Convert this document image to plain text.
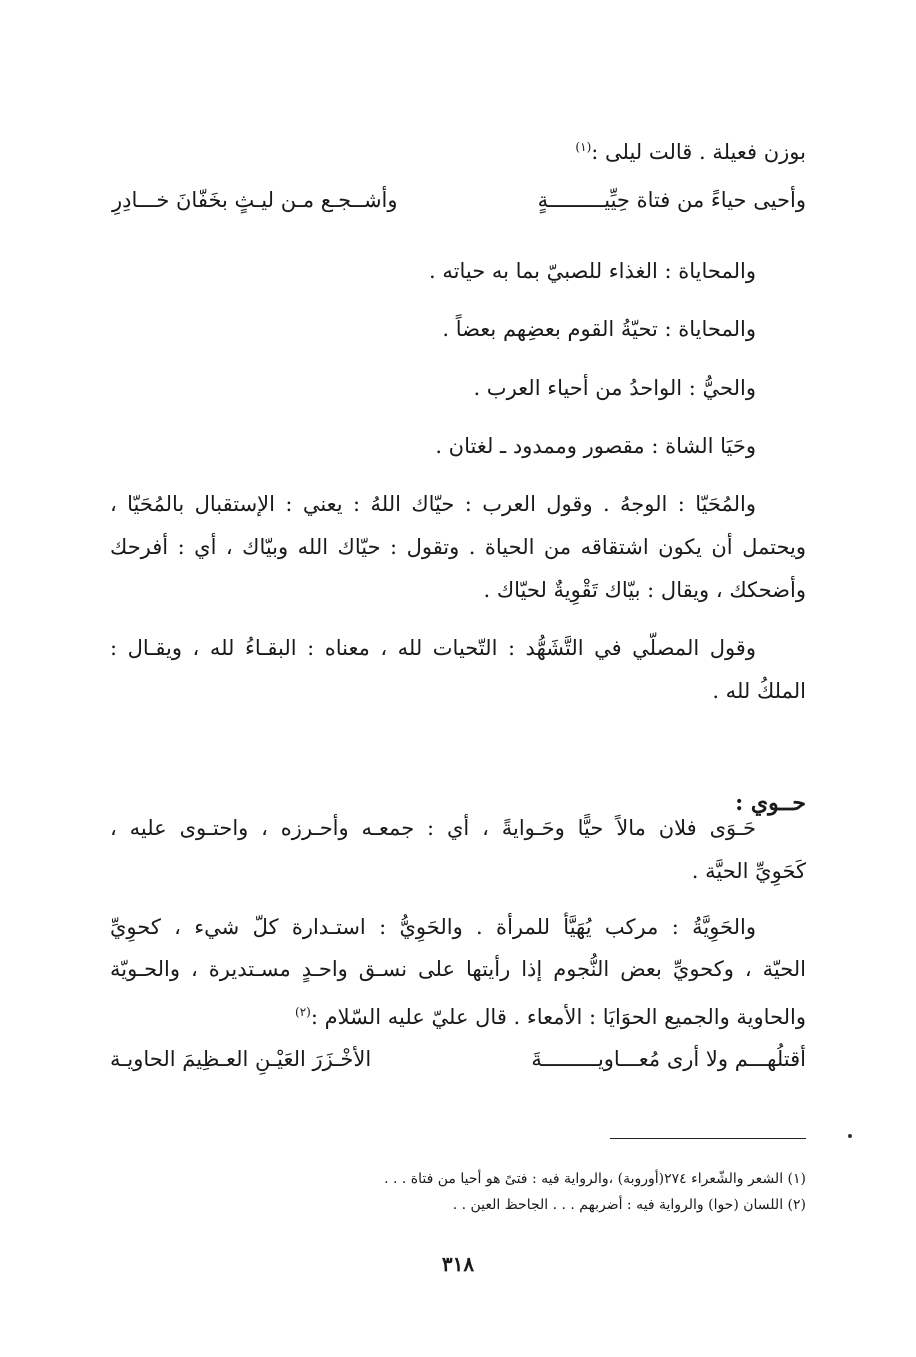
بوزن فعيلة . قالت ليلى :$^{(١)}$
وأحيى حياءً من فتاة حِيِّيـــــــــةٍ
وأشــجـع مـن ليـثٍ بخَفّانَ خـــادِرِ
والمحاياة : الغذاء للصبيّ بما به حياته .
والمحاياة : تحيّةُ القوم بعضِهم بعضاً .
والحيُّ : الواحدُ من أحياء العرب .
وحَيَا الشاة : مقصور وممدود ـ لغتان .
والمُحَيّا : الوجهُ . وقول العرب : حيّاك اللهُ : يعني : الإستقبال بالمُحَيّا ،
ويحتمل أن يكون اشتقاقه من الحياة . وتقول : حيّاك الله وبيّاك ، أي : أفرحك
وأضحكك ، ويقال : بيّاك تَقْوِيةٌ لحيّاك .
وقول المصلّي في التَّشَهُّد : التّحيات لله ، معناه : البقـاءُ لله ، ويقـال :
الملكُ لله .
حــوي :
حَـوَى فلان مالاً حيًّا وحَـوايةً ، أي : جمعـه وأحـرزه ، واحتـوى عليه ،
كَحَوِيِّ الحيَّة .
والحَوِيَّةُ : مركب يُهَيَّأ للمرأة . والحَوِيُّ : استـدارة كلّ شيء ، كحوِيِّ
الحيّة ، وكحويِّ بعض النُّجوم إذا رأيتها على نسـق واحـدٍ مسـتديرة ، والحـويّة
والحاوية والجميع الحوَايَا : الأمعاء . قال عليّ عليه السّلام :$^{(٢)}$
أقتلُهـــم ولا أرى مُعـــاويـــــــــةَ
الأخْـزَرَ العَيْـنِ العـظِيمَ الحاويـة
(١) الشعر والشّعراء ٢٧٤(أوروبة) ،والرواية فيه : فتىً هو أحيا من فتاة . . .
(٢) اللسان (حوا) والرواية فيه : أضربهم . . . الجاحظ العين . .
٣١٨
